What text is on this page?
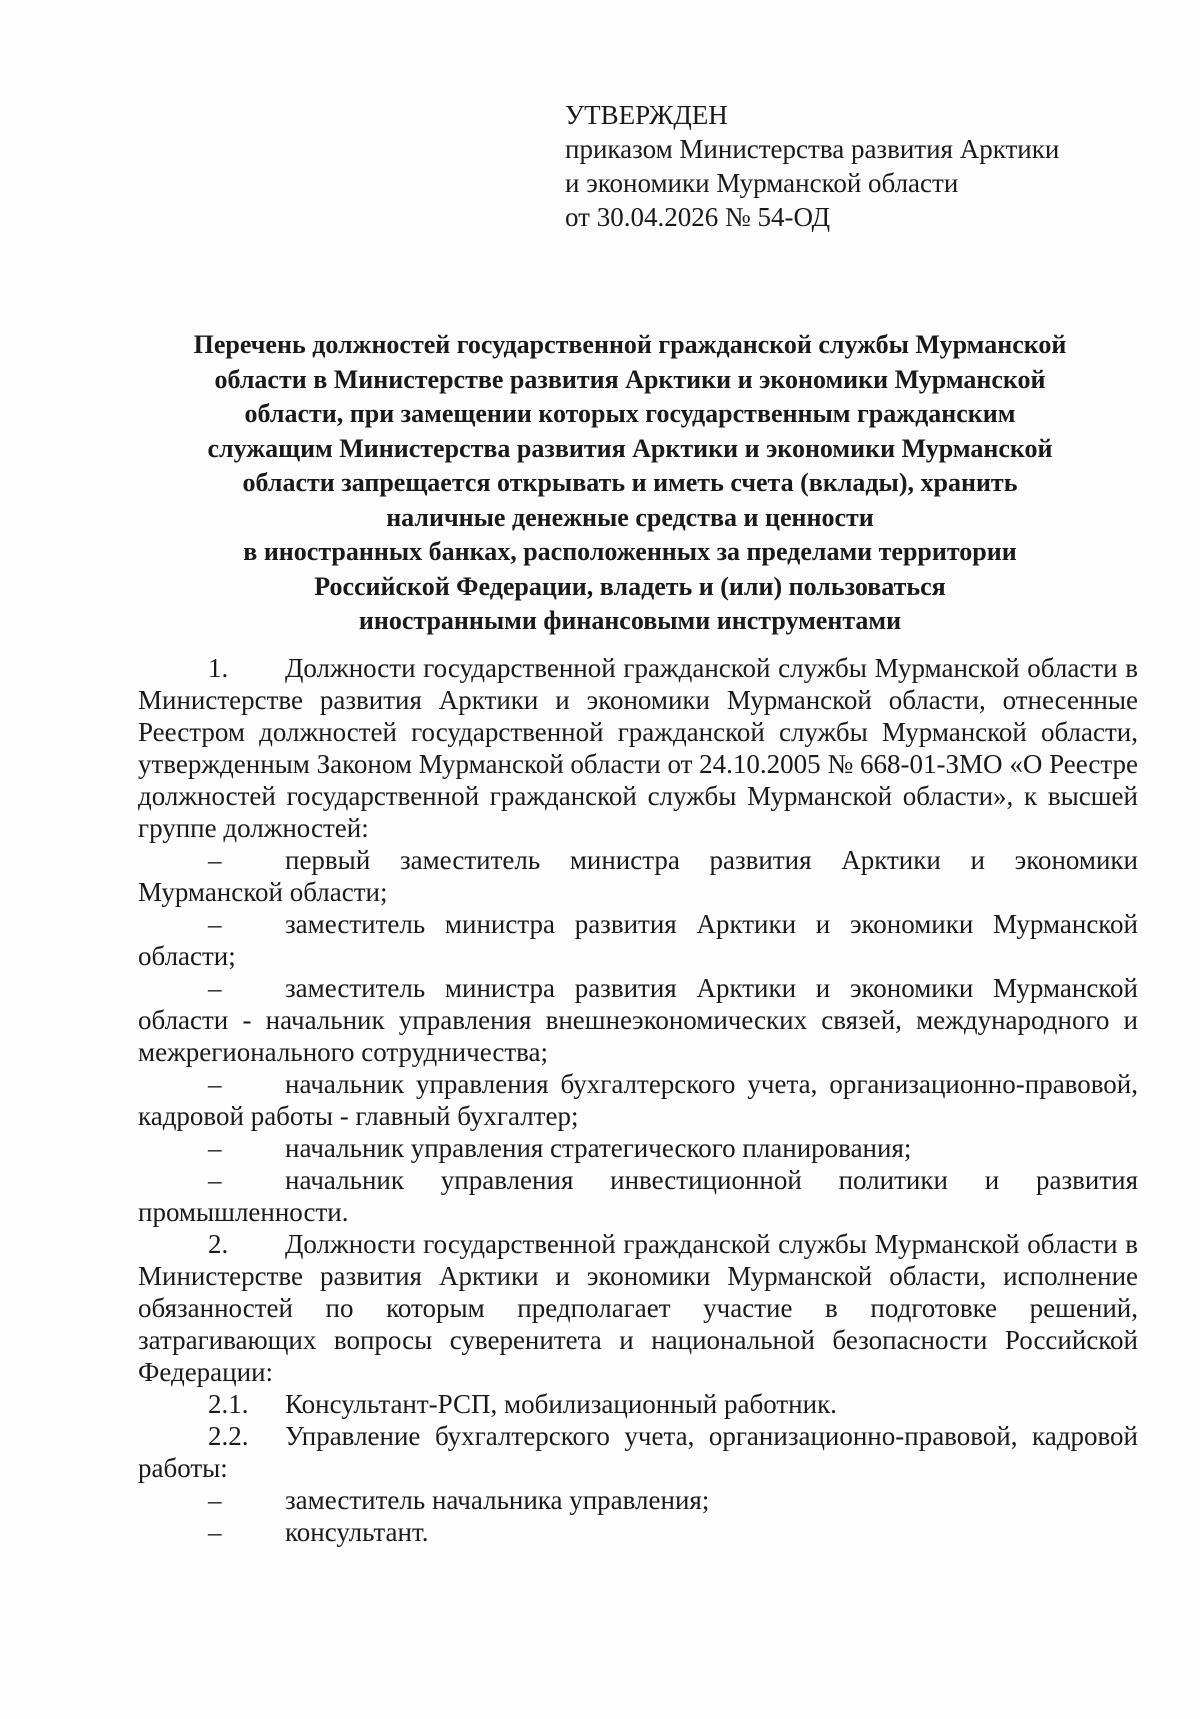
УТВЕРЖДЕН
приказом Министерства развития Арктики
и экономики Мурманской области
от 30.04.2026 № 54-ОД
Перечень должностей государственной гражданской службы Мурманской
области в Министерстве развития Арктики и экономики Мурманской
области, при замещении которых государственным гражданским
служащим Министерства развития Арктики и экономики Мурманской
области запрещается открывать и иметь счета (вклады), хранить
наличные денежные средства и ценности
в иностранных банках, расположенных за пределами территории
Российской Федерации, владеть и (или) пользоваться
иностранными финансовыми инструментами
1. Должности государственной гражданской службы Мурманской области в Министерстве развития Арктики и экономики Мурманской области, отнесенные Реестром должностей государственной гражданской службы Мурманской области, утвержденным Законом Мурманской области от 24.10.2005 № 668-01-ЗМО «О Реестре должностей государственной гражданской службы Мурманской области», к высшей группе должностей:
– первый заместитель министра развития Арктики и экономики Мурманской области;
– заместитель министра развития Арктики и экономики Мурманской области;
– заместитель министра развития Арктики и экономики Мурманской области - начальник управления внешнеэкономических связей, международного и межрегионального сотрудничества;
– начальник управления бухгалтерского учета, организационно-правовой, кадровой работы - главный бухгалтер;
– начальник управления стратегического планирования;
– начальник управления инвестиционной политики и развития промышленности.
2. Должности государственной гражданской службы Мурманской области в Министерстве развития Арктики и экономики Мурманской области, исполнение обязанностей по которым предполагает участие в подготовке решений, затрагивающих вопросы суверенитета и национальной безопасности Российской Федерации:
2.1. Консультант-РСП, мобилизационный работник.
2.2. Управление бухгалтерского учета, организационно-правовой, кадровой работы:
– заместитель начальника управления;
– консультант.
